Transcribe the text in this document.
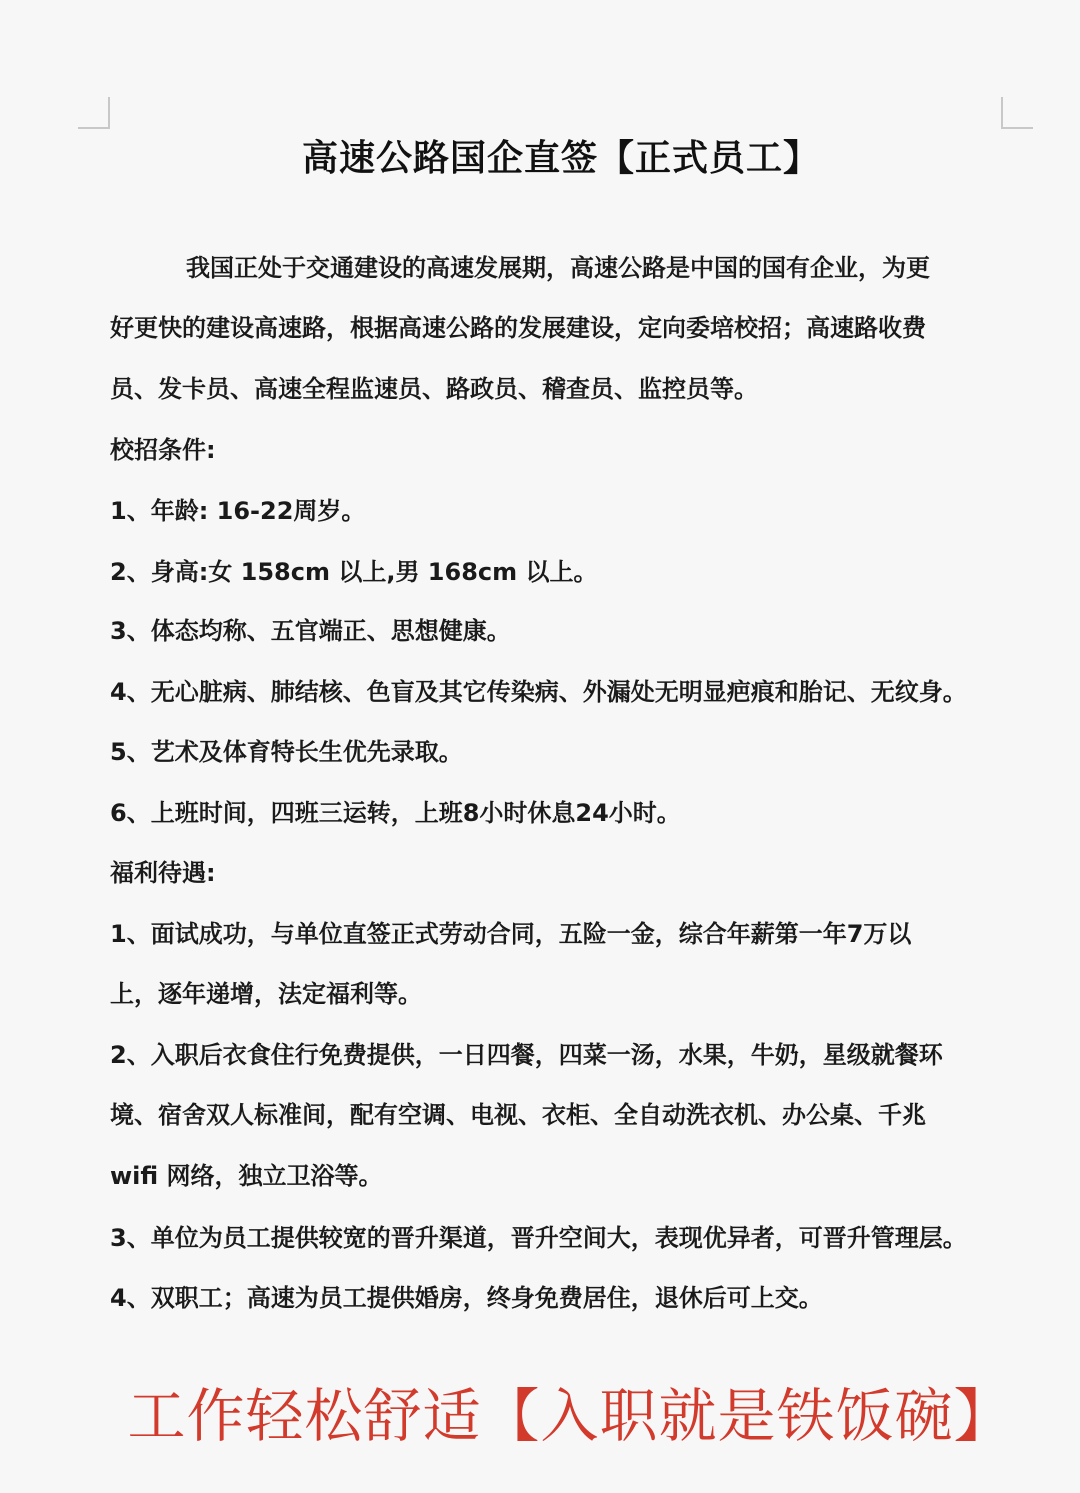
高速公路国企直签【正式员工】
我国正处于交通建设的高速发展期，高速公路是中国的国有企业，为更
好更快的建设高速路，根据高速公路的发展建设，定向委培校招；高速路收费
员、发卡员、高速全程监速员、路政员、稽查员、监控员等。
校招条件:
1、年龄: 16-22周岁。
2、身高:女 158cm 以上,男 168cm 以上。
3、体态均称、五官端正、思想健康。
4、无心脏病、肺结核、色盲及其它传染病、外漏处无明显疤痕和胎记、无纹身。
5、艺术及体育特长生优先录取。
6、上班时间，四班三运转，上班8小时休息24小时。
福利待遇:
1、面试成功，与单位直签正式劳动合同，五险一金，综合年薪第一年7万以
上，逐年递增，法定福利等。
2、入职后衣食住行免费提供，一日四餐，四菜一汤，水果，牛奶，星级就餐环
境、宿舍双人标准间，配有空调、电视、衣柜、全自动洗衣机、办公桌、千兆
wifi 网络，独立卫浴等。
3、单位为员工提供较宽的晋升渠道，晋升空间大，表现优异者，可晋升管理层。
4、双职工；高速为员工提供婚房，终身免费居住，退休后可上交。
工作轻松舒适【入职就是铁饭碗】
